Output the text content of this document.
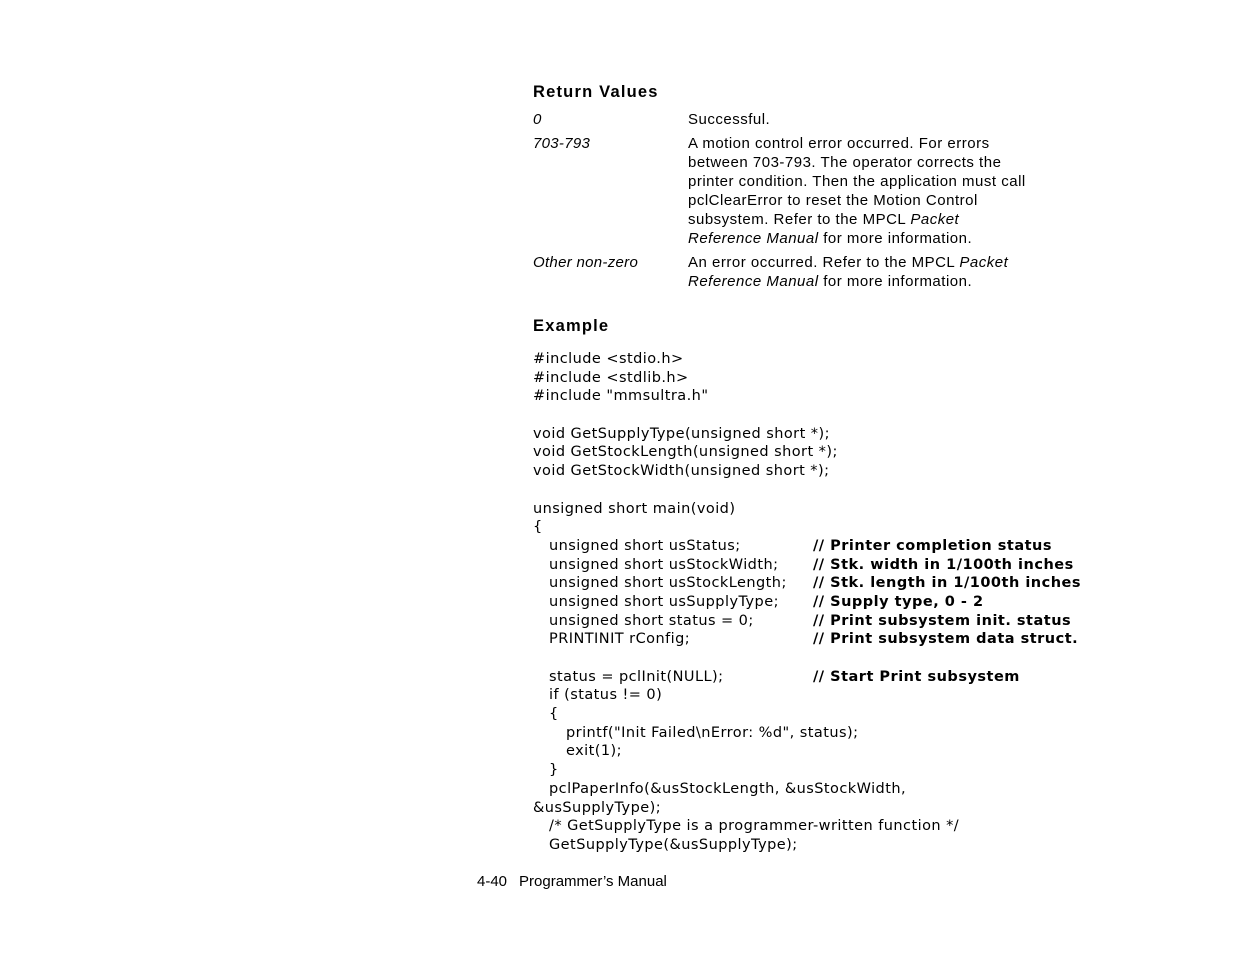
Return Values
0	Successful.
703-793	A motion control error occurred. For errors
between 703-793. The operator corrects the
printer condition. Then the application must call
pclClearError to reset the Motion Control
subsystem. Refer to the MPCL Packet
Reference Manual for more information.
Other non-zero	An error occurred. Refer to the MPCL Packet
Reference Manual for more information.
Example
#include <stdio.h>
#include <stdlib.h>
#include "mmsultra.h"
void GetSupplyType(unsigned short *);
void GetStockLength(unsigned short *);
void GetStockWidth(unsigned short *);
unsigned short main(void)
{
unsigned short usStatus;	// Printer completion status
unsigned short usStockWidth; // Stk. width in 1/100th inches
unsigned short usStockLength; // Stk. length in 1/100th inches
unsigned short usSupplyType; // Supply type, 0 - 2
unsigned short status = 0;	// Print subsystem init. status
PRINTINIT rConfig;	// Print subsystem data struct.
status = pclInit(NULL);	// Start Print subsystem
if (status != 0)
{
printf("Init Failed\nError: %d", status);
exit(1);
}
pclPaperInfo(&usStockLength, &usStockWidth,
&usSupplyType);
/* GetSupplyType is a programmer-written function */
GetSupplyType(&usSupplyType);
4-40 Programmer’s Manual
